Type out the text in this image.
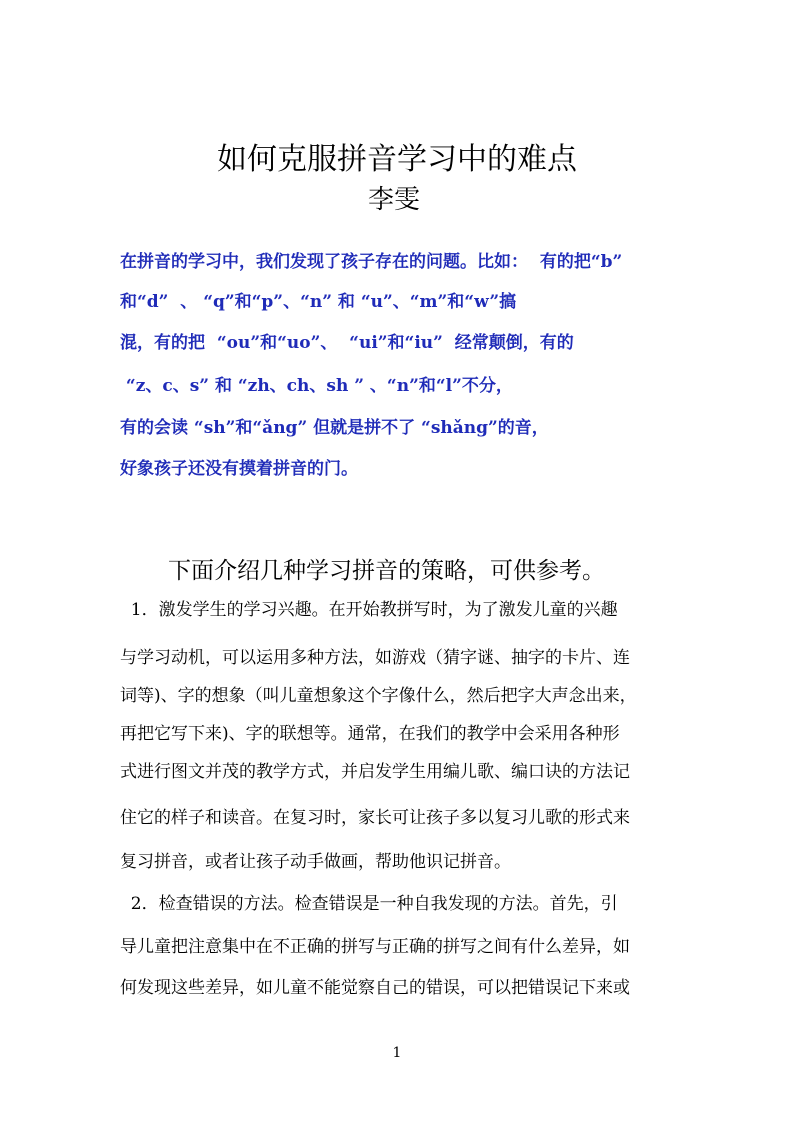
如何克服拼音学习中的难点
李雯
在拼音的学习中，我们发现了孩子存在的问题。比如：  有的把“b”
和“d”  、 “q”和“p”、“n” 和 “u”、“m”和“w”搞
混，有的把  “ou”和“uo”、  “ui”和“iu”  经常颠倒，有的
“z、c、s” 和 “zh、ch、sh ” 、“n”和“l”不分，
有的会读 “sh”和“ǎng” 但就是拼不了 “shǎng”的音，
好象孩子还没有摸着拼音的门。
下面介绍几种学习拼音的策略，可供参考。
1．激发学生的学习兴趣。在开始教拼写时，为了激发儿童的兴趣
与学习动机，可以运用多种方法，如游戏（猜字谜、抽字的卡片、连
词等)、字的想象（叫儿童想象这个字像什么，然后把字大声念出来，
再把它写下来)、字的联想等。通常，在我们的教学中会采用各种形
式进行图文并茂的教学方式，并启发学生用编儿歌、编口诀的方法记
住它的样子和读音。在复习时，家长可让孩子多以复习儿歌的形式来
复习拼音，或者让孩子动手做画，帮助他识记拼音。
2．检查错误的方法。检查错误是一种自我发现的方法。首先，引
导儿童把注意集中在不正确的拼写与正确的拼写之间有什么差异，如
何发现这些差异，如儿童不能觉察自己的错误，可以把错误记下来或
1
